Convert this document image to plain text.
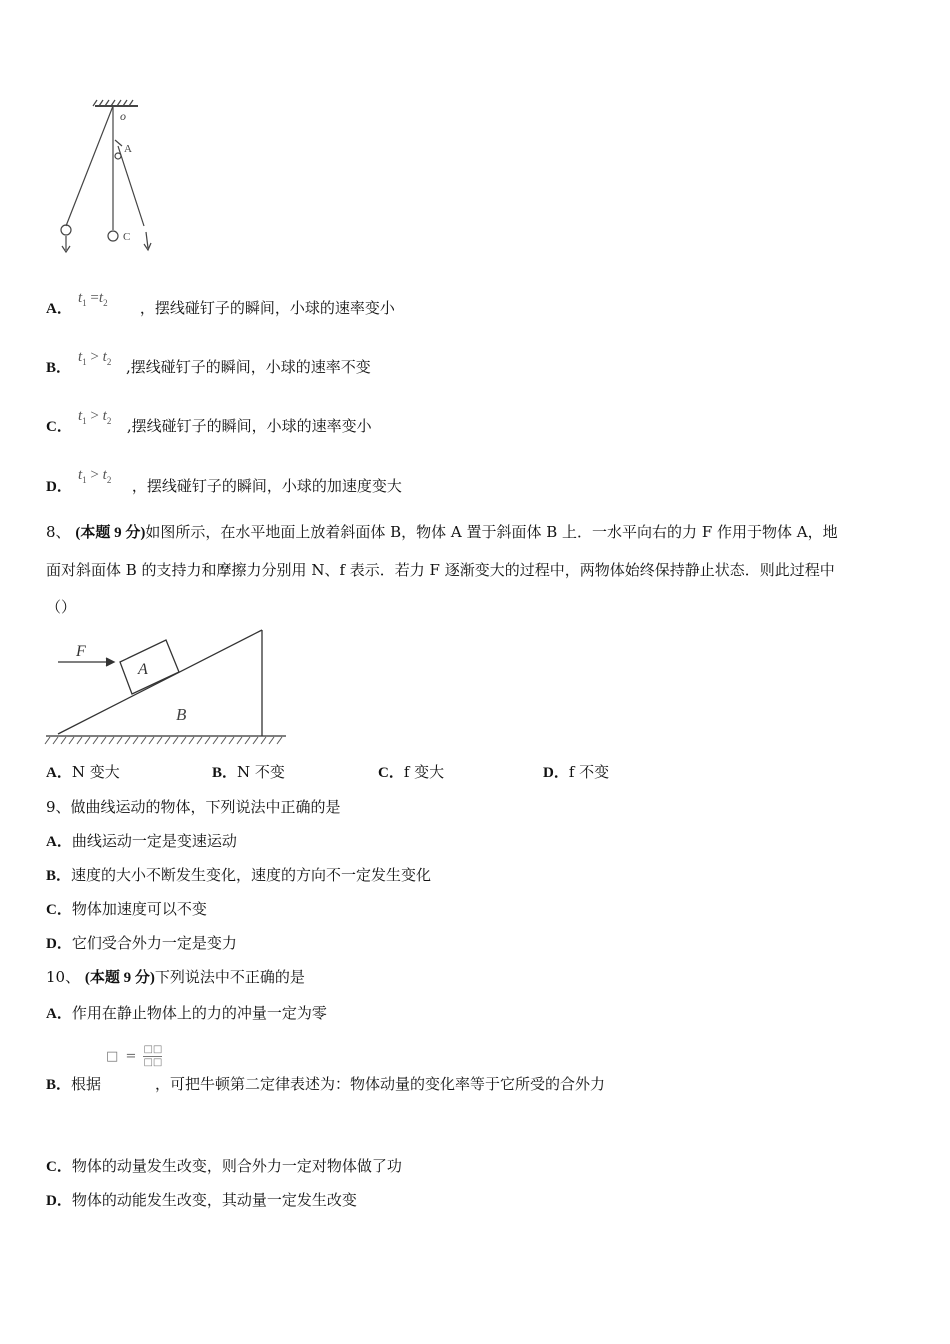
o
A
C
$t_1 =t_2$
A．	，摆线碰钉子的瞬间，小球的速率变小
$t_1 > t_2$
B．	,摆线碰钉子的瞬间，小球的速率不变
$t_1 > t_2$
C．	,摆线碰钉子的瞬间，小球的速率变小
$t_1 > t_2$
D．	，摆线碰钉子的瞬间，小球的加速度变大
8、 (本题 9 分)如图所示，在水平地面上放着斜面体 B，物体 A 置于斜面体 B 上．一水平向右的力 F 作用于物体 A，地
面对斜面体 B 的支持力和摩擦力分别用 N、f 表示．若力 F 逐渐变大的过程中，两物体始终保持静止状态．则此过程中
（）
F
A
B
A．N 变大	B．N 不变	C．f 变大	D．f 不变
9、做曲线运动的物体，下列说法中正确的是
A．曲线运动一定是变速运动
B．速度的大小不断发生变化，速度的方向不一定发生变化
C．物体加速度可以不变
D．它们受合外力一定是变力
10、 (本题 9 分)下列说法中不正确的是
A．作用在静止物体上的力的冲量一定为零
□ = □□
□□
B．根据	，可把牛顿第二定律表述为：物体动量的变化率等于它所受的合外力
C．物体的动量发生改变，则合外力一定对物体做了功
D．物体的动能发生改变，其动量一定发生改变
